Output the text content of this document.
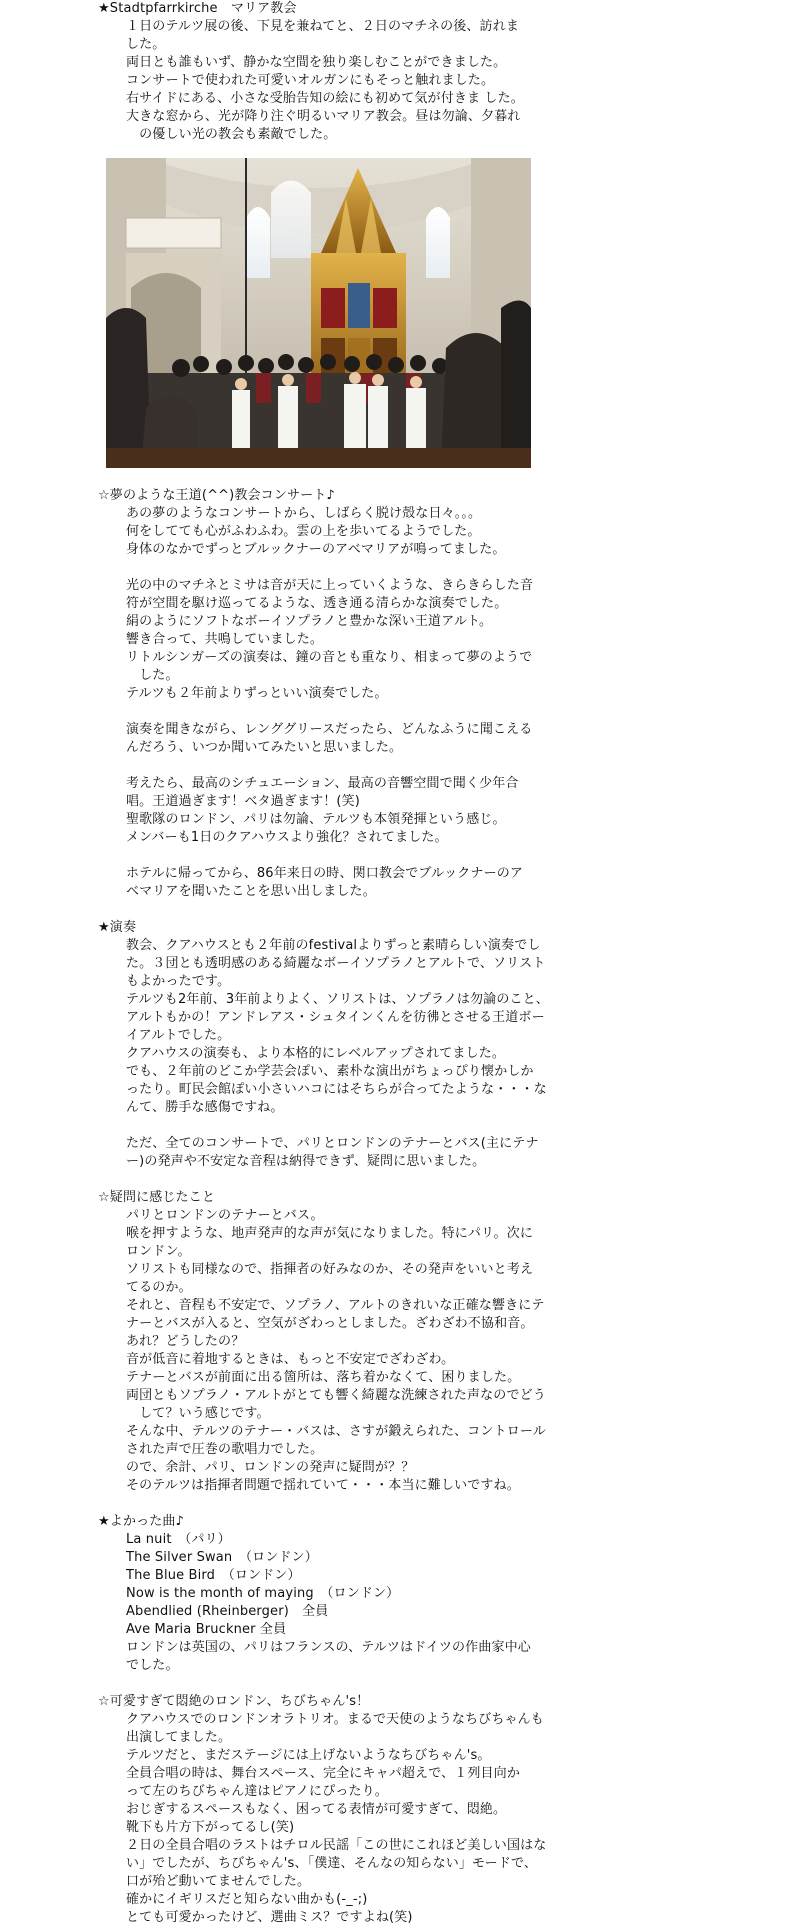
★Stadtpfarrkirche　マリア教会
１日のテルツ展の後、下見を兼ねてと、２日のマチネの後、訪れま
した。
両日とも誰もいず、静かな空間を独り楽しむことができました。
コンサートで使われた可愛いオルガンにもそっと触れました。
右サイドにある、小さな受胎告知の絵にも初めて気が付きま した。
大きな窓から、光が降り注ぐ明るいマリア教会。昼は勿論、夕暮れ
　の優しい光の教会も素敵でした。
☆夢のような王道(^^)教会コンサート♪
あの夢のようなコンサートから、しばらく脱け殻な日々。。。
何をしてても心がふわふわ。雲の上を歩いてるようでした。
身体のなかでずっとブルックナーのアベマリアが鳴ってました。
光の中のマチネとミサは音が天に上っていくような、きらきらした音
符が空間を駆け巡ってるような、透き通る清らかな演奏でした。
絹のようにソフトなボーイソプラノと豊かな深い王道アルト。
響き合って、共鳴していました。
リトルシンガーズの演奏は、鐘の音とも重なり、相まって夢のようで
　した。
テルツも２年前よりずっといい演奏でした。
演奏を聞きながら、レンググリースだったら、どんなふうに聞こえる
んだろう、いつか聞いてみたいと思いました。
考えたら、最高のシチュエーション、最高の音響空間で聞く少年合
唱。王道過ぎます！ベタ過ぎます！(笑)
聖歌隊のロンドン、パリは勿論、テルツも本領発揮という感じ。
メンバーも1日のクアハウスより強化？されてました。
ホテルに帰ってから、86年来日の時、関口教会でブルックナーのア
ベマリアを聞いたことを思い出しました。
★演奏
教会、クアハウスとも２年前のfestivalよりずっと素晴らしい演奏でし
た。３団とも透明感のある綺麗なボーイソプラノとアルトで、ソリスト
もよかったです。
テルツも2年前、3年前よりよく、ソリストは、ソプラノは勿論のこと、
アルトもかの！アンドレアス・シュタインくんを彷彿とさせる王道ボー
イアルトでした。
クアハウスの演奏も、より本格的にレベルアップされてました。
でも、２年前のどこか学芸会ぽい、素朴な演出がちょっぴり懐かしか
ったり。町民会館ぽい小さいハコにはそちらが合ってたような・・・な
んて、勝手な感傷ですね。
ただ、全てのコンサートで、パリとロンドンのテナーとバス(主にテナ
ー)の発声や不安定な音程は納得できず、疑問に思いました。
☆疑問に感じたこと
パリとロンドンのテナーとバス。
喉を押すような、地声発声的な声が気になりました。特にパリ。次に
ロンドン。
ソリストも同様なので、指揮者の好みなのか、その発声をいいと考え
てるのか。
それと、音程も不安定で、ソプラノ、アルトのきれいな正確な響きにテ
ナーとバスが入ると、空気がざわっとしました。ざわざわ不協和音。
あれ？どうしたの？
音が低音に着地するときは、もっと不安定でざわざわ。
テナーとバスが前面に出る箇所は、落ち着かなくて、困りました。
両団ともソプラノ・アルトがとても響く綺麗な洗練された声なのでどう
　して？いう感じです。
そんな中、テルツのテナー・バスは、さすが鍛えられた、コントロール
された声で圧巻の歌唱力でした。
ので、余計、パリ、ロンドンの発声に疑問が？？
そのテルツは指揮者問題で揺れていて・・・本当に難しいですね。
★よかった曲♪
La nuit　（パリ）
The Silver Swan　（ロンドン）
The Blue Bird　（ロンドン）
Now is the month of maying　（ロンドン）
Abendlied (Rheinberger)　全員
Ave Maria Bruckner 全員
ロンドンは英国の、パリはフランスの、テルツはドイツの作曲家中心
でした。
☆可愛すぎて悶絶のロンドン、ちびちゃん's！
クアハウスでのロンドンオラトリオ。まるで天使のようなちびちゃんも
出演してました。
テルツだと、まだステージには上げないようなちびちゃん's。
全員合唱の時は、舞台スペース、完全にキャパ超えで、１列目向か
って左のちびちゃん達はピアノにぴったり。
おじぎするスペースもなく、困ってる表情が可愛すぎて、悶絶。
靴下も片方下がってるし(笑)
２日の全員合唱のラストはチロル民謡「この世にこれほど美しい国はな
い」でしたが、ちびちゃん's、「僕達、そんなの知らない」モードで、
口が殆ど動いてませんでした。
確かにイギリスだと知らない曲かも(-_-;)
とても可愛かったけど、選曲ミス？ですよね(笑)
